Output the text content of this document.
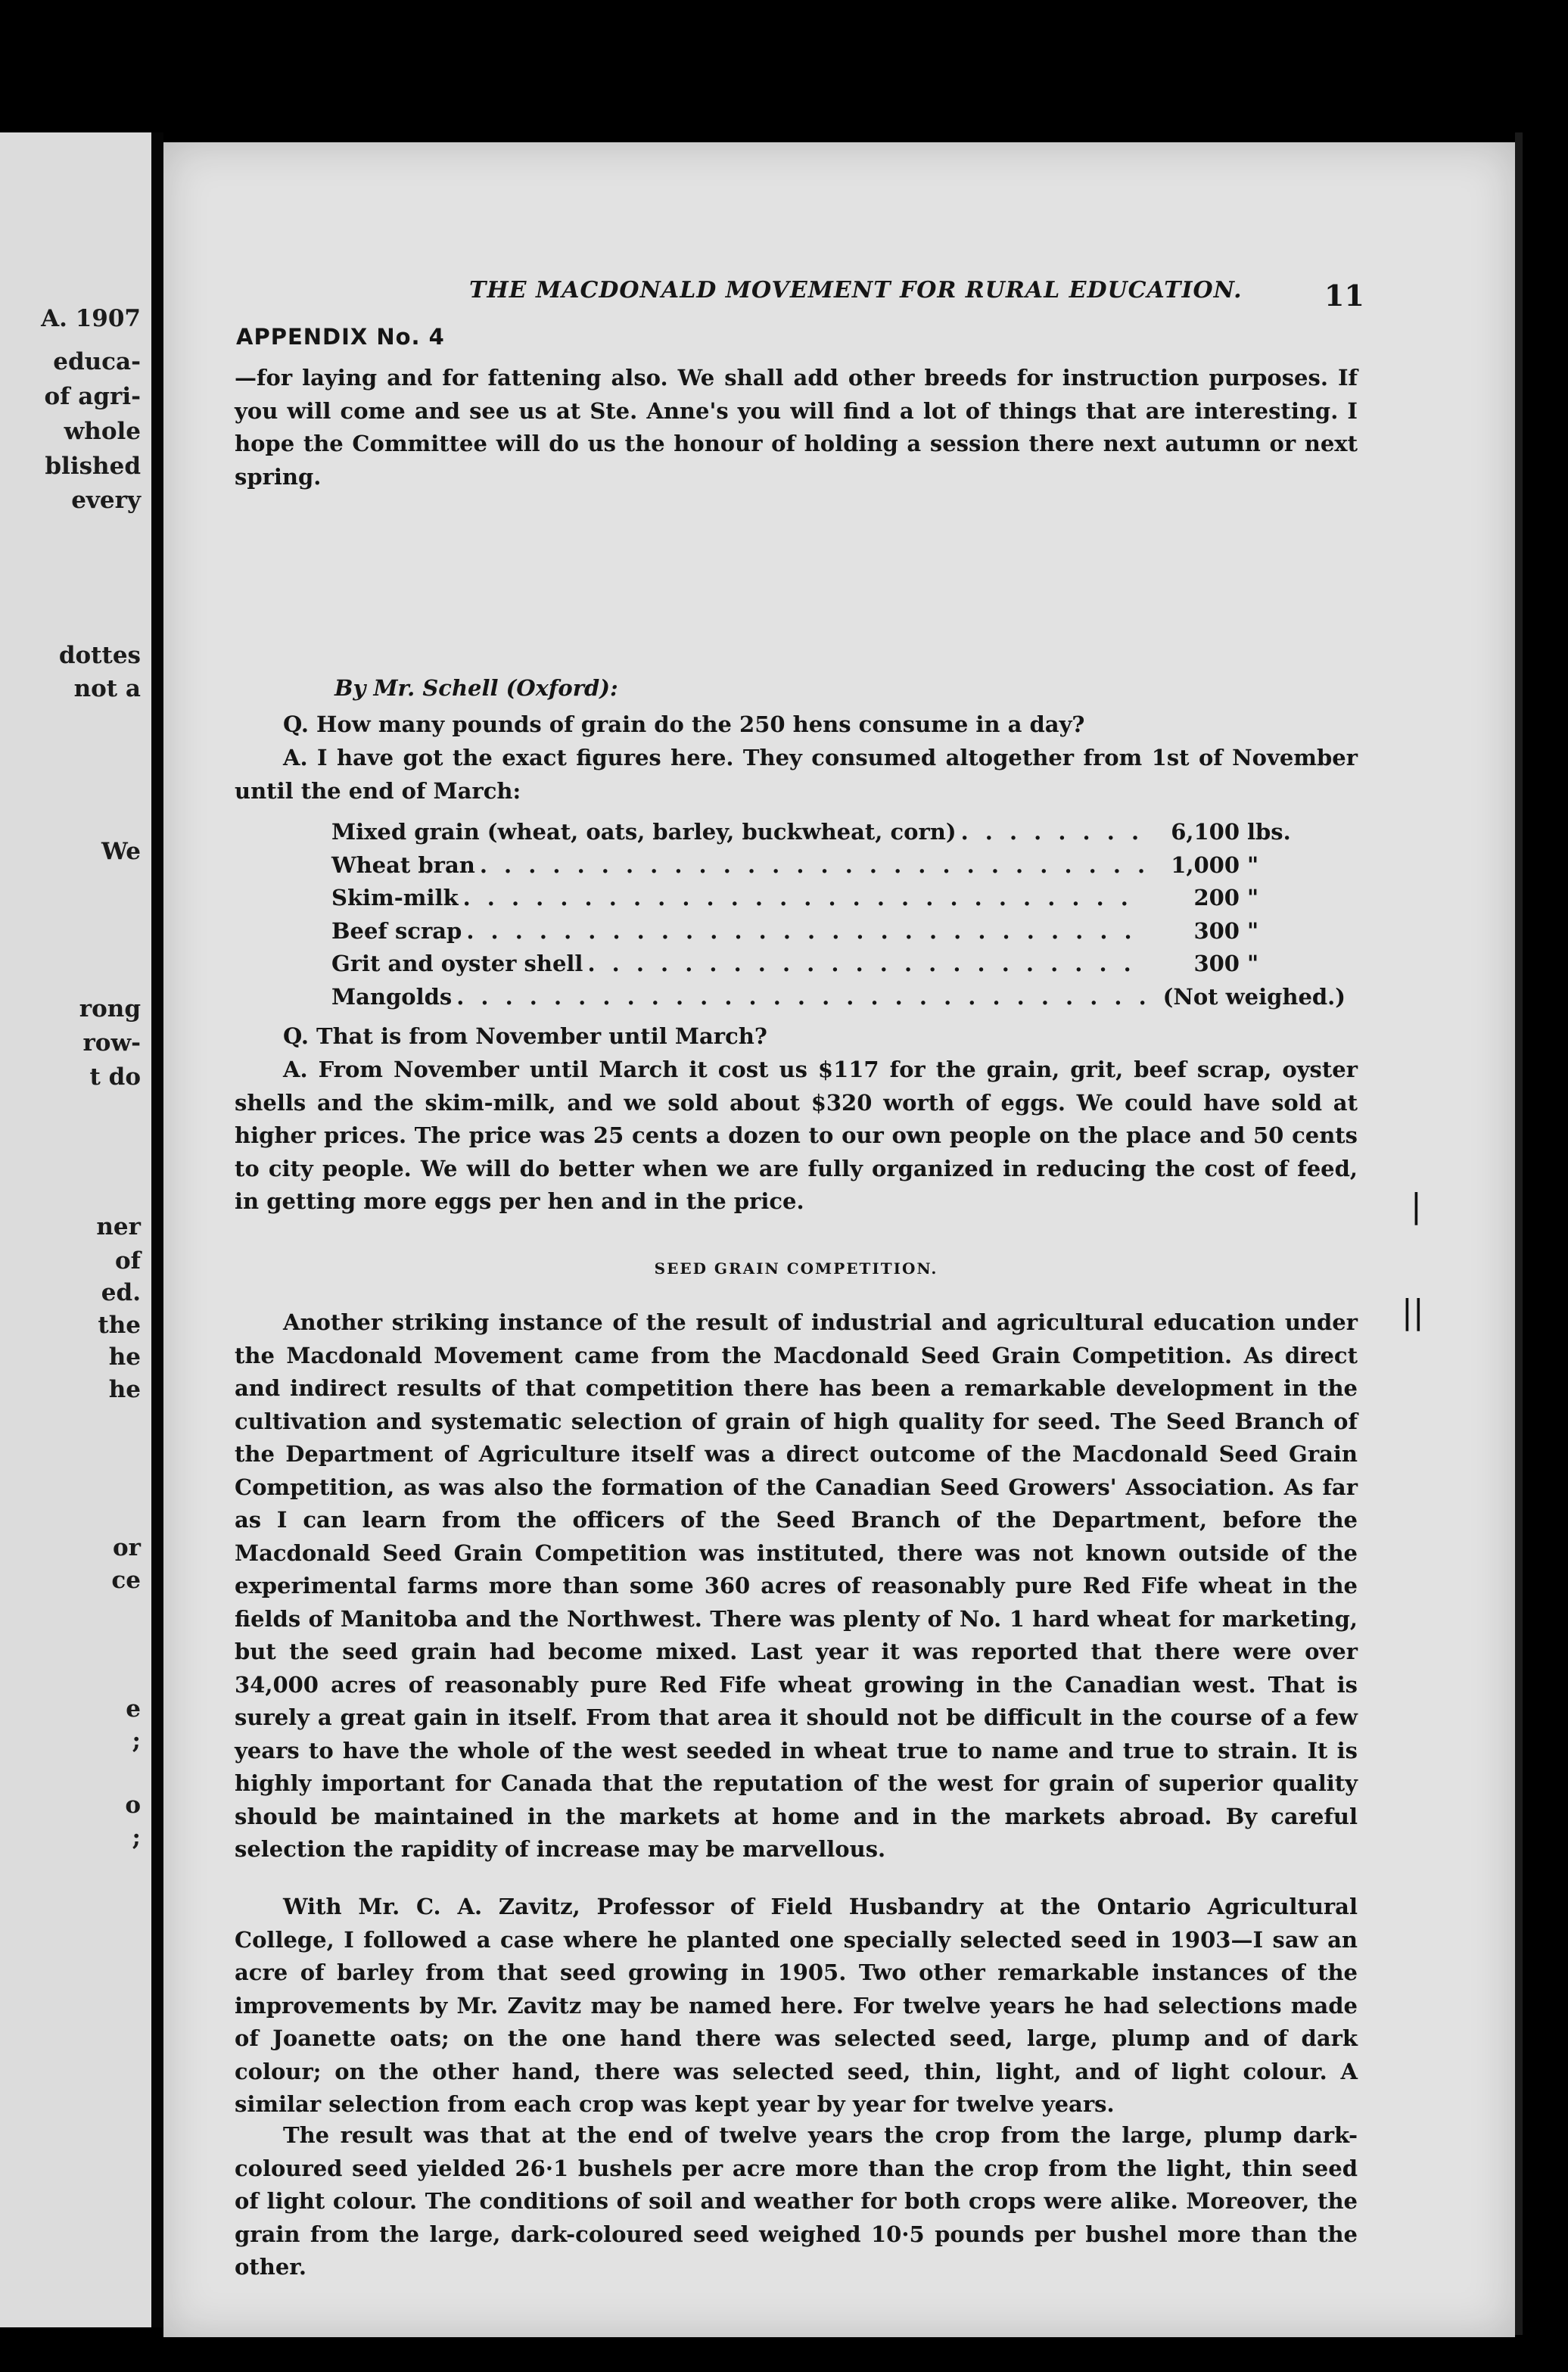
A. 1907
educa-
of agri-
whole
blished
every
dottes
not a
We
rong
row-
t do
ner
of
ed.
the
he
he
or
ce
e
;
o
;
THE MACDONALD MOVEMENT FOR RURAL EDUCATION.	11
APPENDIX No. 4
—for laying and for fattening also. We shall add other breeds for instruction purposes. If you will come and see us at Ste. Anne's you will find a lot of things that are interesting. I hope the Committee will do us the honour of holding a session there next autumn or next spring.
By Mr. Schell (Oxford):
Q. How many pounds of grain do the 250 hens consume in a day?
A. I have got the exact figures here. They consumed altogether from 1st of November until the end of March:
Mixed grain (wheat, oats, barley, buckwheat, corn) . . .	6,100 lbs.
Wheat bran . . .	1,000 "
Skim-milk . . .	200 "
Beef scrap . . .	300 "
Grit and oyster shell . . .	300 "
Mangolds . . .	(Not weighed.)
Q. That is from November until March?
A. From November until March it cost us $117 for the grain, grit, beef scrap, oyster shells and the skim-milk, and we sold about $320 worth of eggs. We could have sold at higher prices. The price was 25 cents a dozen to our own people on the place and 50 cents to city people. We will do better when we are fully organized in reducing the cost of feed, in getting more eggs per hen and in the price.
SEED GRAIN COMPETITION.
Another striking instance of the result of industrial and agricultural education under the Macdonald Movement came from the Macdonald Seed Grain Competition. As direct and indirect results of that competition there has been a remarkable development in the cultivation and systematic selection of grain of high quality for seed. The Seed Branch of the Department of Agriculture itself was a direct outcome of the Macdonald Seed Grain Competition, as was also the formation of the Canadian Seed Growers' Association. As far as I can learn from the officers of the Seed Branch of the Department, before the Macdonald Seed Grain Competition was instituted, there was not known outside of the experimental farms more than some 360 acres of reasonably pure Red Fife wheat in the fields of Manitoba and the Northwest. There was plenty of No. 1 hard wheat for marketing, but the seed grain had become mixed. Last year it was reported that there were over 34,000 acres of reasonably pure Red Fife wheat growing in the Canadian west. That is surely a great gain in itself. From that area it should not be difficult in the course of a few years to have the whole of the west seeded in wheat true to name and true to strain. It is highly important for Canada that the reputation of the west for grain of superior quality should be maintained in the markets at home and in the markets abroad. By careful selection the rapidity of increase may be marvellous.
With Mr. C. A. Zavitz, Professor of Field Husbandry at the Ontario Agricultural College, I followed a case where he planted one specially selected seed in 1903—I saw an acre of barley from that seed growing in 1905. Two other remarkable instances of the improvements by Mr. Zavitz may be named here. For twelve years he had selections made of Joanette oats; on the one hand there was selected seed, large, plump and of dark colour; on the other hand, there was selected seed, thin, light, and of light colour. A similar selection from each crop was kept year by year for twelve years.
The result was that at the end of twelve years the crop from the large, plump dark-coloured seed yielded 26·1 bushels per acre more than the crop from the light, thin seed of light colour. The conditions of soil and weather for both crops were alike. Moreover, the grain from the large, dark-coloured seed weighed 10·5 pounds per bushel more than the other.
|
||
